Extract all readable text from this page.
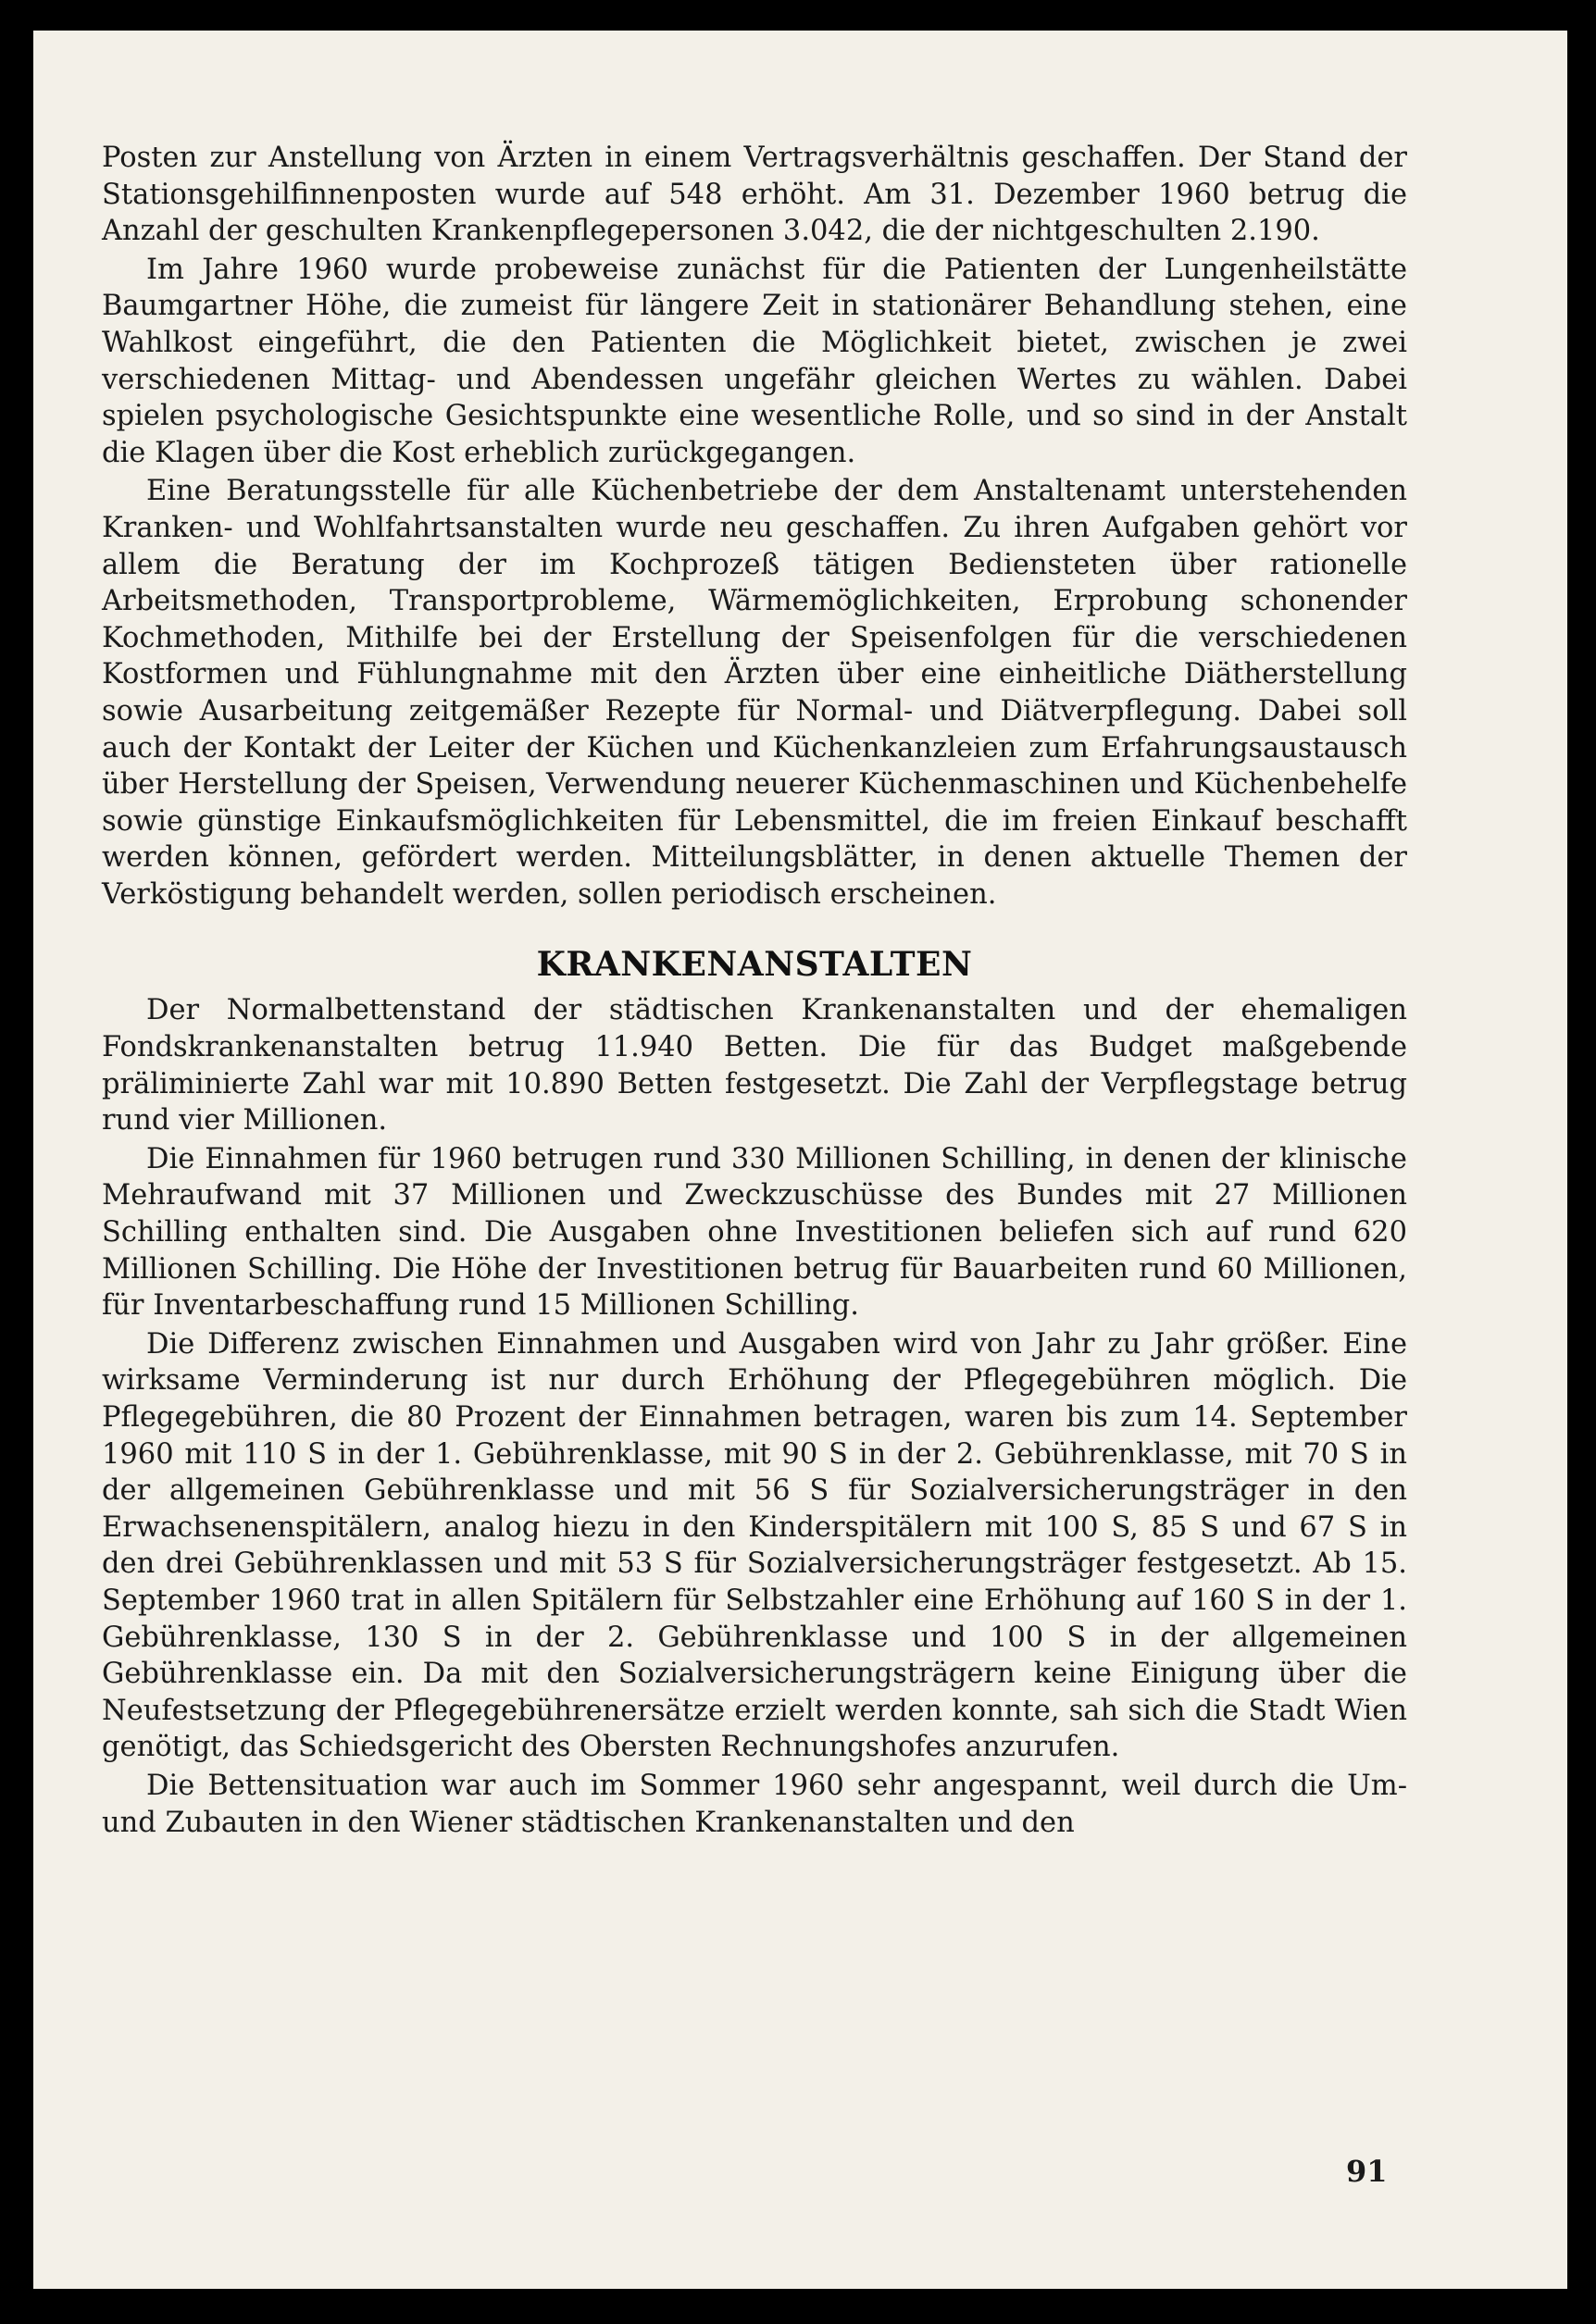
Posten zur Anstellung von Ärzten in einem Vertragsverhältnis geschaffen. Der Stand der Stationsgehilfinnenposten wurde auf 548 erhöht. Am 31. Dezember 1960 betrug die Anzahl der geschulten Krankenpflegepersonen 3.042, die der nichtgeschulten 2.190.

Im Jahre 1960 wurde probeweise zunächst für die Patienten der Lungenheilstätte Baumgartner Höhe, die zumeist für längere Zeit in stationärer Behandlung stehen, eine Wahlkost eingeführt, die den Patienten die Möglichkeit bietet, zwischen je zwei verschiedenen Mittag- und Abendessen ungefähr gleichen Wertes zu wählen. Dabei spielen psychologische Gesichtspunkte eine wesentliche Rolle, und so sind in der Anstalt die Klagen über die Kost erheblich zurückgegangen.

Eine Beratungsstelle für alle Küchenbetriebe der dem Anstaltenamt unterstehenden Kranken- und Wohlfahrtsanstalten wurde neu geschaffen. Zu ihren Aufgaben gehört vor allem die Beratung der im Kochprozeß tätigen Bediensteten über rationelle Arbeitsmethoden, Transportprobleme, Wärmemöglichkeiten, Erprobung schonender Kochmethoden, Mithilfe bei der Erstellung der Speisenfolgen für die verschiedenen Kostformen und Fühlungnahme mit den Ärzten über eine einheitliche Diätherstellung sowie Ausarbeitung zeitgemäßer Rezepte für Normal- und Diätverpflegung. Dabei soll auch der Kontakt der Leiter der Küchen und Küchenkanzleien zum Erfahrungsaustausch über Herstellung der Speisen, Verwendung neuerer Küchenmaschinen und Küchenbehelfe sowie günstige Einkaufsmöglichkeiten für Lebensmittel, die im freien Einkauf beschafft werden können, gefördert werden. Mitteilungsblätter, in denen aktuelle Themen der Verköstigung behandelt werden, sollen periodisch erscheinen.

KRANKENANSTALTEN

Der Normalbettenstand der städtischen Krankenanstalten und der ehemaligen Fondskrankenanstalten betrug 11.940 Betten. Die für das Budget maßgebende präliminierte Zahl war mit 10.890 Betten festgesetzt. Die Zahl der Verpflegstage betrug rund vier Millionen.

Die Einnahmen für 1960 betrugen rund 330 Millionen Schilling, in denen der klinische Mehraufwand mit 37 Millionen und Zweckzuschüsse des Bundes mit 27 Millionen Schilling enthalten sind. Die Ausgaben ohne Investitionen beliefen sich auf rund 620 Millionen Schilling. Die Höhe der Investitionen betrug für Bauarbeiten rund 60 Millionen, für Inventarbeschaffung rund 15 Millionen Schilling.

Die Differenz zwischen Einnahmen und Ausgaben wird von Jahr zu Jahr größer. Eine wirksame Verminderung ist nur durch Erhöhung der Pflegegebühren möglich. Die Pflegegebühren, die 80 Prozent der Einnahmen betragen, waren bis zum 14. September 1960 mit 110 S in der 1. Gebührenklasse, mit 90 S in der 2. Gebührenklasse, mit 70 S in der allgemeinen Gebührenklasse und mit 56 S für Sozialversicherungsträger in den Erwachsenenspitälern, analog hiezu in den Kinderspitälern mit 100 S, 85 S und 67 S in den drei Gebührenklassen und mit 53 S für Sozialversicherungsträger festgesetzt. Ab 15. September 1960 trat in allen Spitälern für Selbstzahler eine Erhöhung auf 160 S in der 1. Gebührenklasse, 130 S in der 2. Gebührenklasse und 100 S in der allgemeinen Gebührenklasse ein. Da mit den Sozialversicherungsträgern keine Einigung über die Neufestsetzung der Pflegegebührenersätze erzielt werden konnte, sah sich die Stadt Wien genötigt, das Schiedsgericht des Obersten Rechnungshofes anzurufen.

Die Bettensituation war auch im Sommer 1960 sehr angespannt, weil durch die Um- und Zubauten in den Wiener städtischen Krankenanstalten und den

91
